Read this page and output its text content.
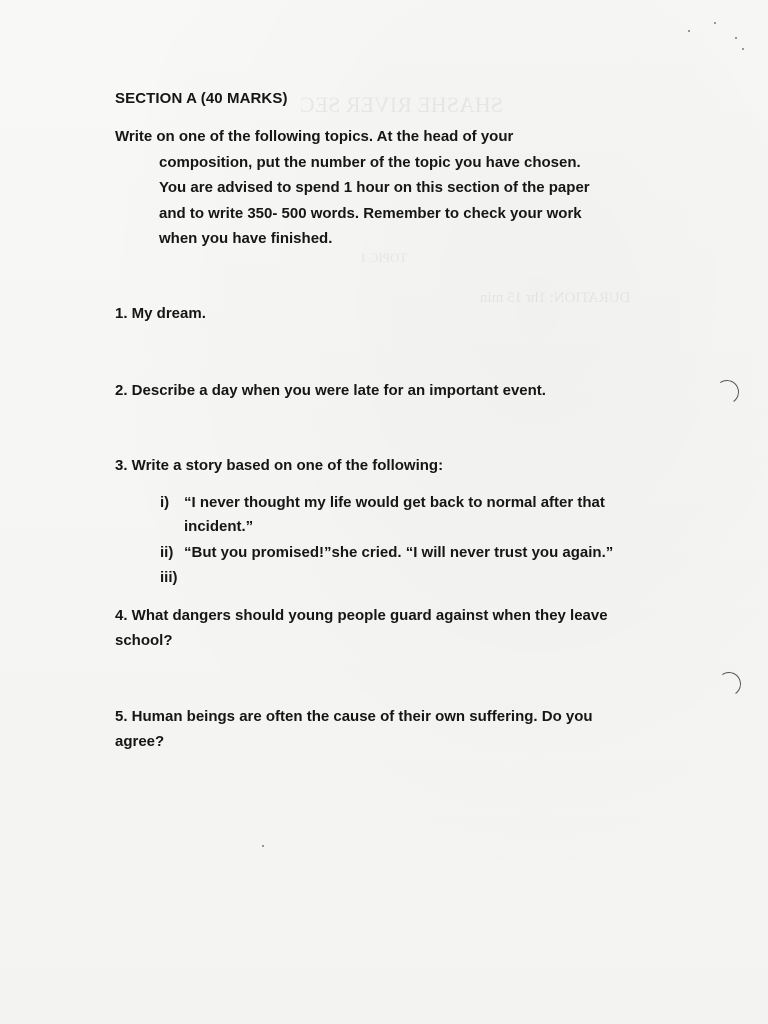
SHASHE RIVER SEC
DURATION: 1hr 15 min
TOPIC 1
SECTION A (40 MARKS)
Write on one of the following topics. At the head of your
composition, put the number of the topic you have chosen.
You are advised to spend 1 hour on this section of the paper
and to write 350- 500 words. Remember to check your work
when you have finished.
1. My dream.
2. Describe a day when you were late for an important event.
3. Write a story based on one of the following:
i) “I never thought my life would get back to normal after that
incident.”
ii) “But you promised!”she cried. “I will never trust you again.”
iii)
4. What dangers should young people guard against when they leave
school?
5. Human beings are often the cause of their own suffering. Do you
agree?
